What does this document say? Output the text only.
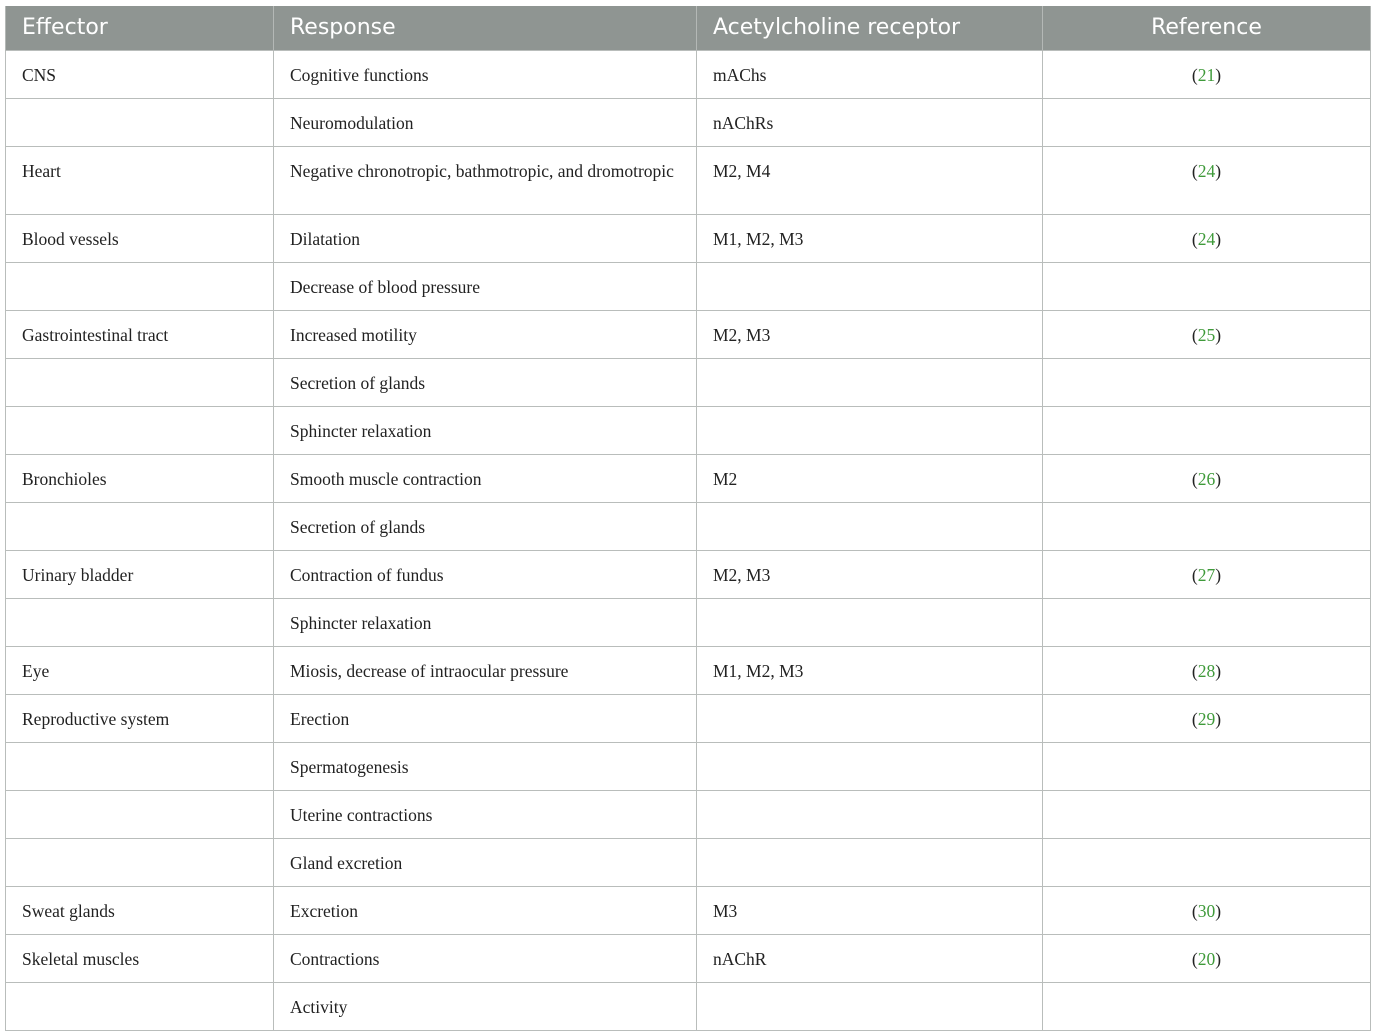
Effector	Response	Acetylcholine receptor	Reference
CNS	Cognitive functions	mAChs	(21)
	Neuromodulation	nAChRs	
Heart	Negative chronotropic, bathmotropic, and dromotropic	M2, M4	(24)
Blood vessels	Dilatation	M1, M2, M3	(24)
	Decrease of blood pressure		
Gastrointestinal tract	Increased motility	M2, M3	(25)
	Secretion of glands		
	Sphincter relaxation		
Bronchioles	Smooth muscle contraction	M2	(26)
	Secretion of glands		
Urinary bladder	Contraction of fundus	M2, M3	(27)
	Sphincter relaxation		
Eye	Miosis, decrease of intraocular pressure	M1, M2, M3	(28)
Reproductive system	Erection		(29)
	Spermatogenesis		
	Uterine contractions		
	Gland excretion		
Sweat glands	Excretion	M3	(30)
Skeletal muscles	Contractions	nAChR	(20)
	Activity		
